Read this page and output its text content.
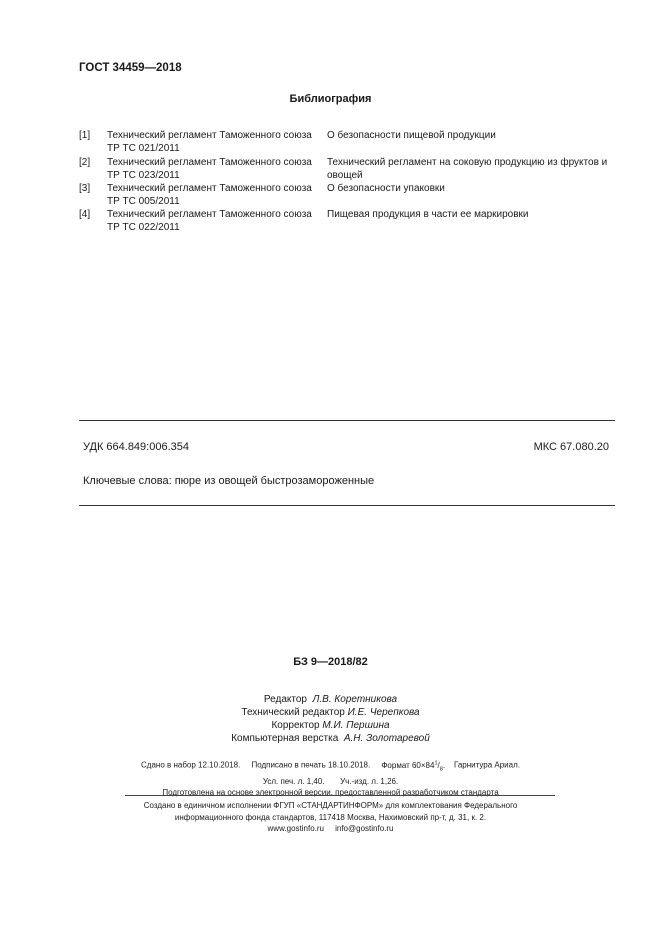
ГОСТ 34459—2018
Библиография
[1] Технический регламент Таможенного союза
ТР ТС 021/2011
О безопасности пищевой продукции
[2] Технический регламент Таможенного союза
ТР ТС 023/2011
Технический регламент на соковую продукцию из фруктов и овощей
[3] Технический регламент Таможенного союза
ТР ТС 005/2011
О безопасности упаковки
[4] Технический регламент Таможенного союза
ТР ТС 022/2011
Пищевая продукция в части ее маркировки
УДК 664.849:006.354	МКС 67.080.20
Ключевые слова: пюре из овощей быстрозамороженные
БЗ 9—2018/82
Редактор Л.В. Коретникова
Технический редактор И.Е. Черепкова
Корректор М.И. Першина
Компьютерная верстка А.Н. Золотаревой
Сдано в набор 12.10.2018. Подписано в печать 18.10.2018. Формат $60\times 84^1/_8$. Гарнитура Ариал.
Усл. печ. л. 1,40.       Уч.-изд. л. 1,26.
Подготовлена на основе электронной версии, предоставленной разработчиком стандарта
Создано в единичном исполнении ФГУП «СТАНДАРТИНФОРМ» для комплектования Федерального
информационного фонда стандартов, 117418 Москва, Нахимовский пр-т, д. 31, к. 2.
www.gostinfo.ru info@gostinfo.ru
